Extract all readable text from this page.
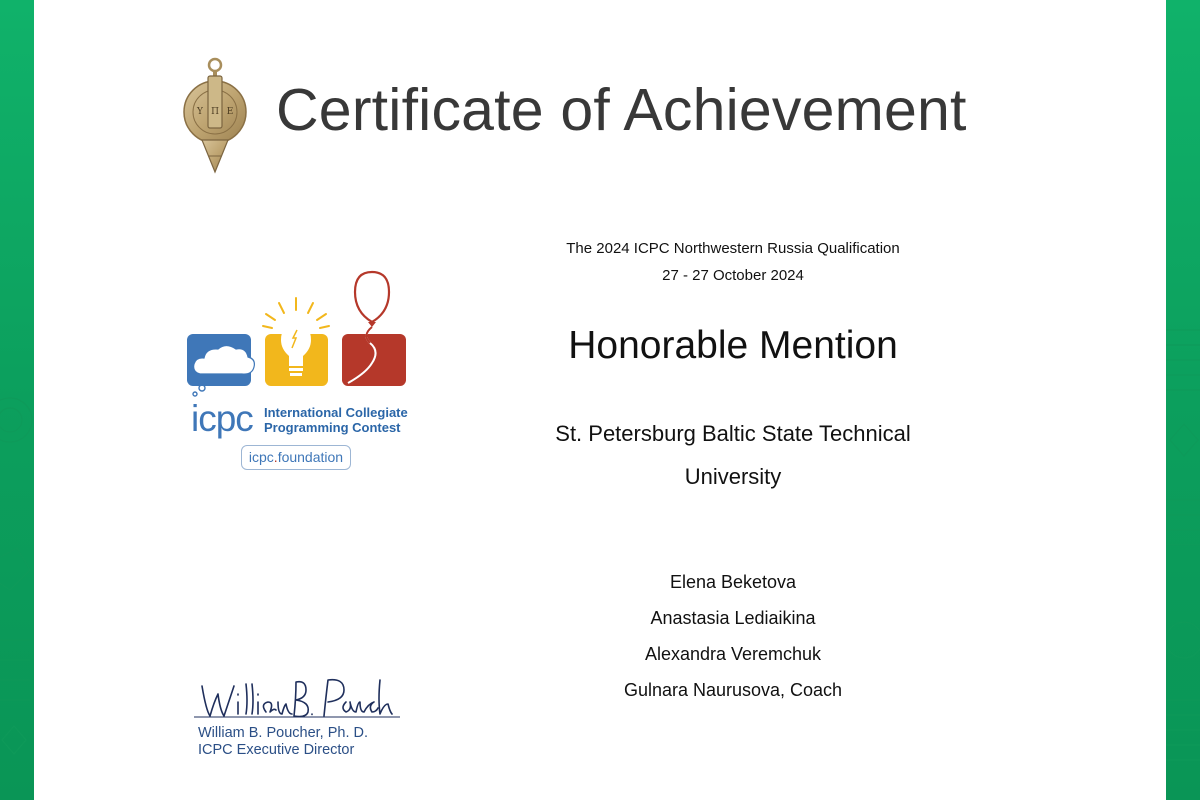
Υ Π Ε Certificate of Achievement
icpc International Collegiate
Programming Contest
icpc.foundation
The 2024 ICPC Northwestern Russia Qualification
27 - 27 October 2024
Honorable Mention
St. Petersburg Baltic State Technical
University
Elena Beketova
Anastasia Lediaikina
Alexandra Veremchuk
Gulnara Naurusova, Coach
William B. Poucher, Ph. D.
ICPC Executive Director
